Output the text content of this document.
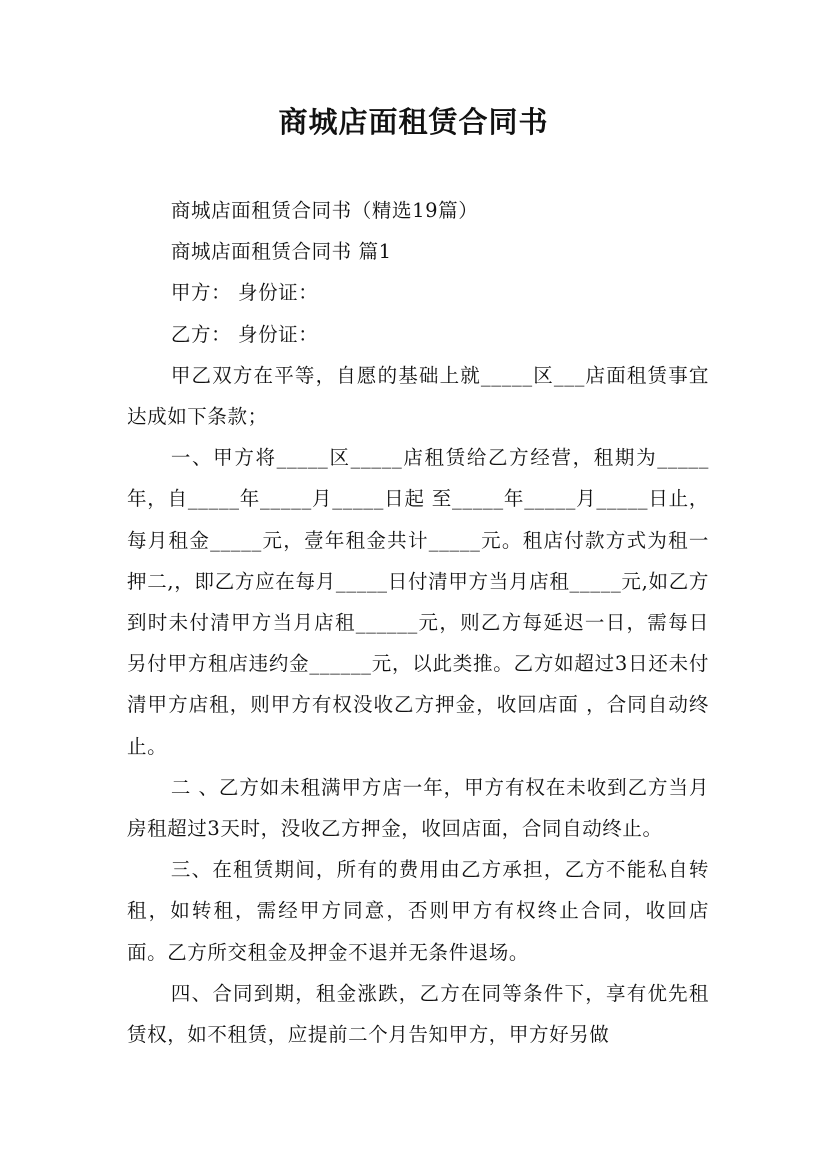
商城店面租赁合同书

商城店面租赁合同书（精选19篇）

商城店面租赁合同书 篇1

甲方： 身份证：

乙方： 身份证：

甲乙双方在平等，自愿的基础上就_____区___店面租赁事宜达成如下条款；

一、甲方将_____区_____店租赁给乙方经营，租期为_____年，自_____年_____月_____日起 至_____年_____月_____日止，每月租金_____元，壹年租金共计_____元。租店付款方式为租一押二,，即乙方应在每月_____日付清甲方当月店租_____元,如乙方到时未付清甲方当月店租______元，则乙方每延迟一日，需每日另付甲方租店违约金______元，以此类推。乙方如超过3日还未付清甲方店租，则甲方有权没收乙方押金，收回店面 ，合同自动终止。

二 、乙方如未租满甲方店一年，甲方有权在未收到乙方当月房租超过3天时，没收乙方押金，收回店面，合同自动终止。

三、在租赁期间，所有的费用由乙方承担，乙方不能私自转租，如转租，需经甲方同意，否则甲方有权终止合同，收回店面。乙方所交租金及押金不退并无条件退场。

四、合同到期，租金涨跌，乙方在同等条件下，享有优先租赁权，如不租赁，应提前二个月告知甲方，甲方好另做
